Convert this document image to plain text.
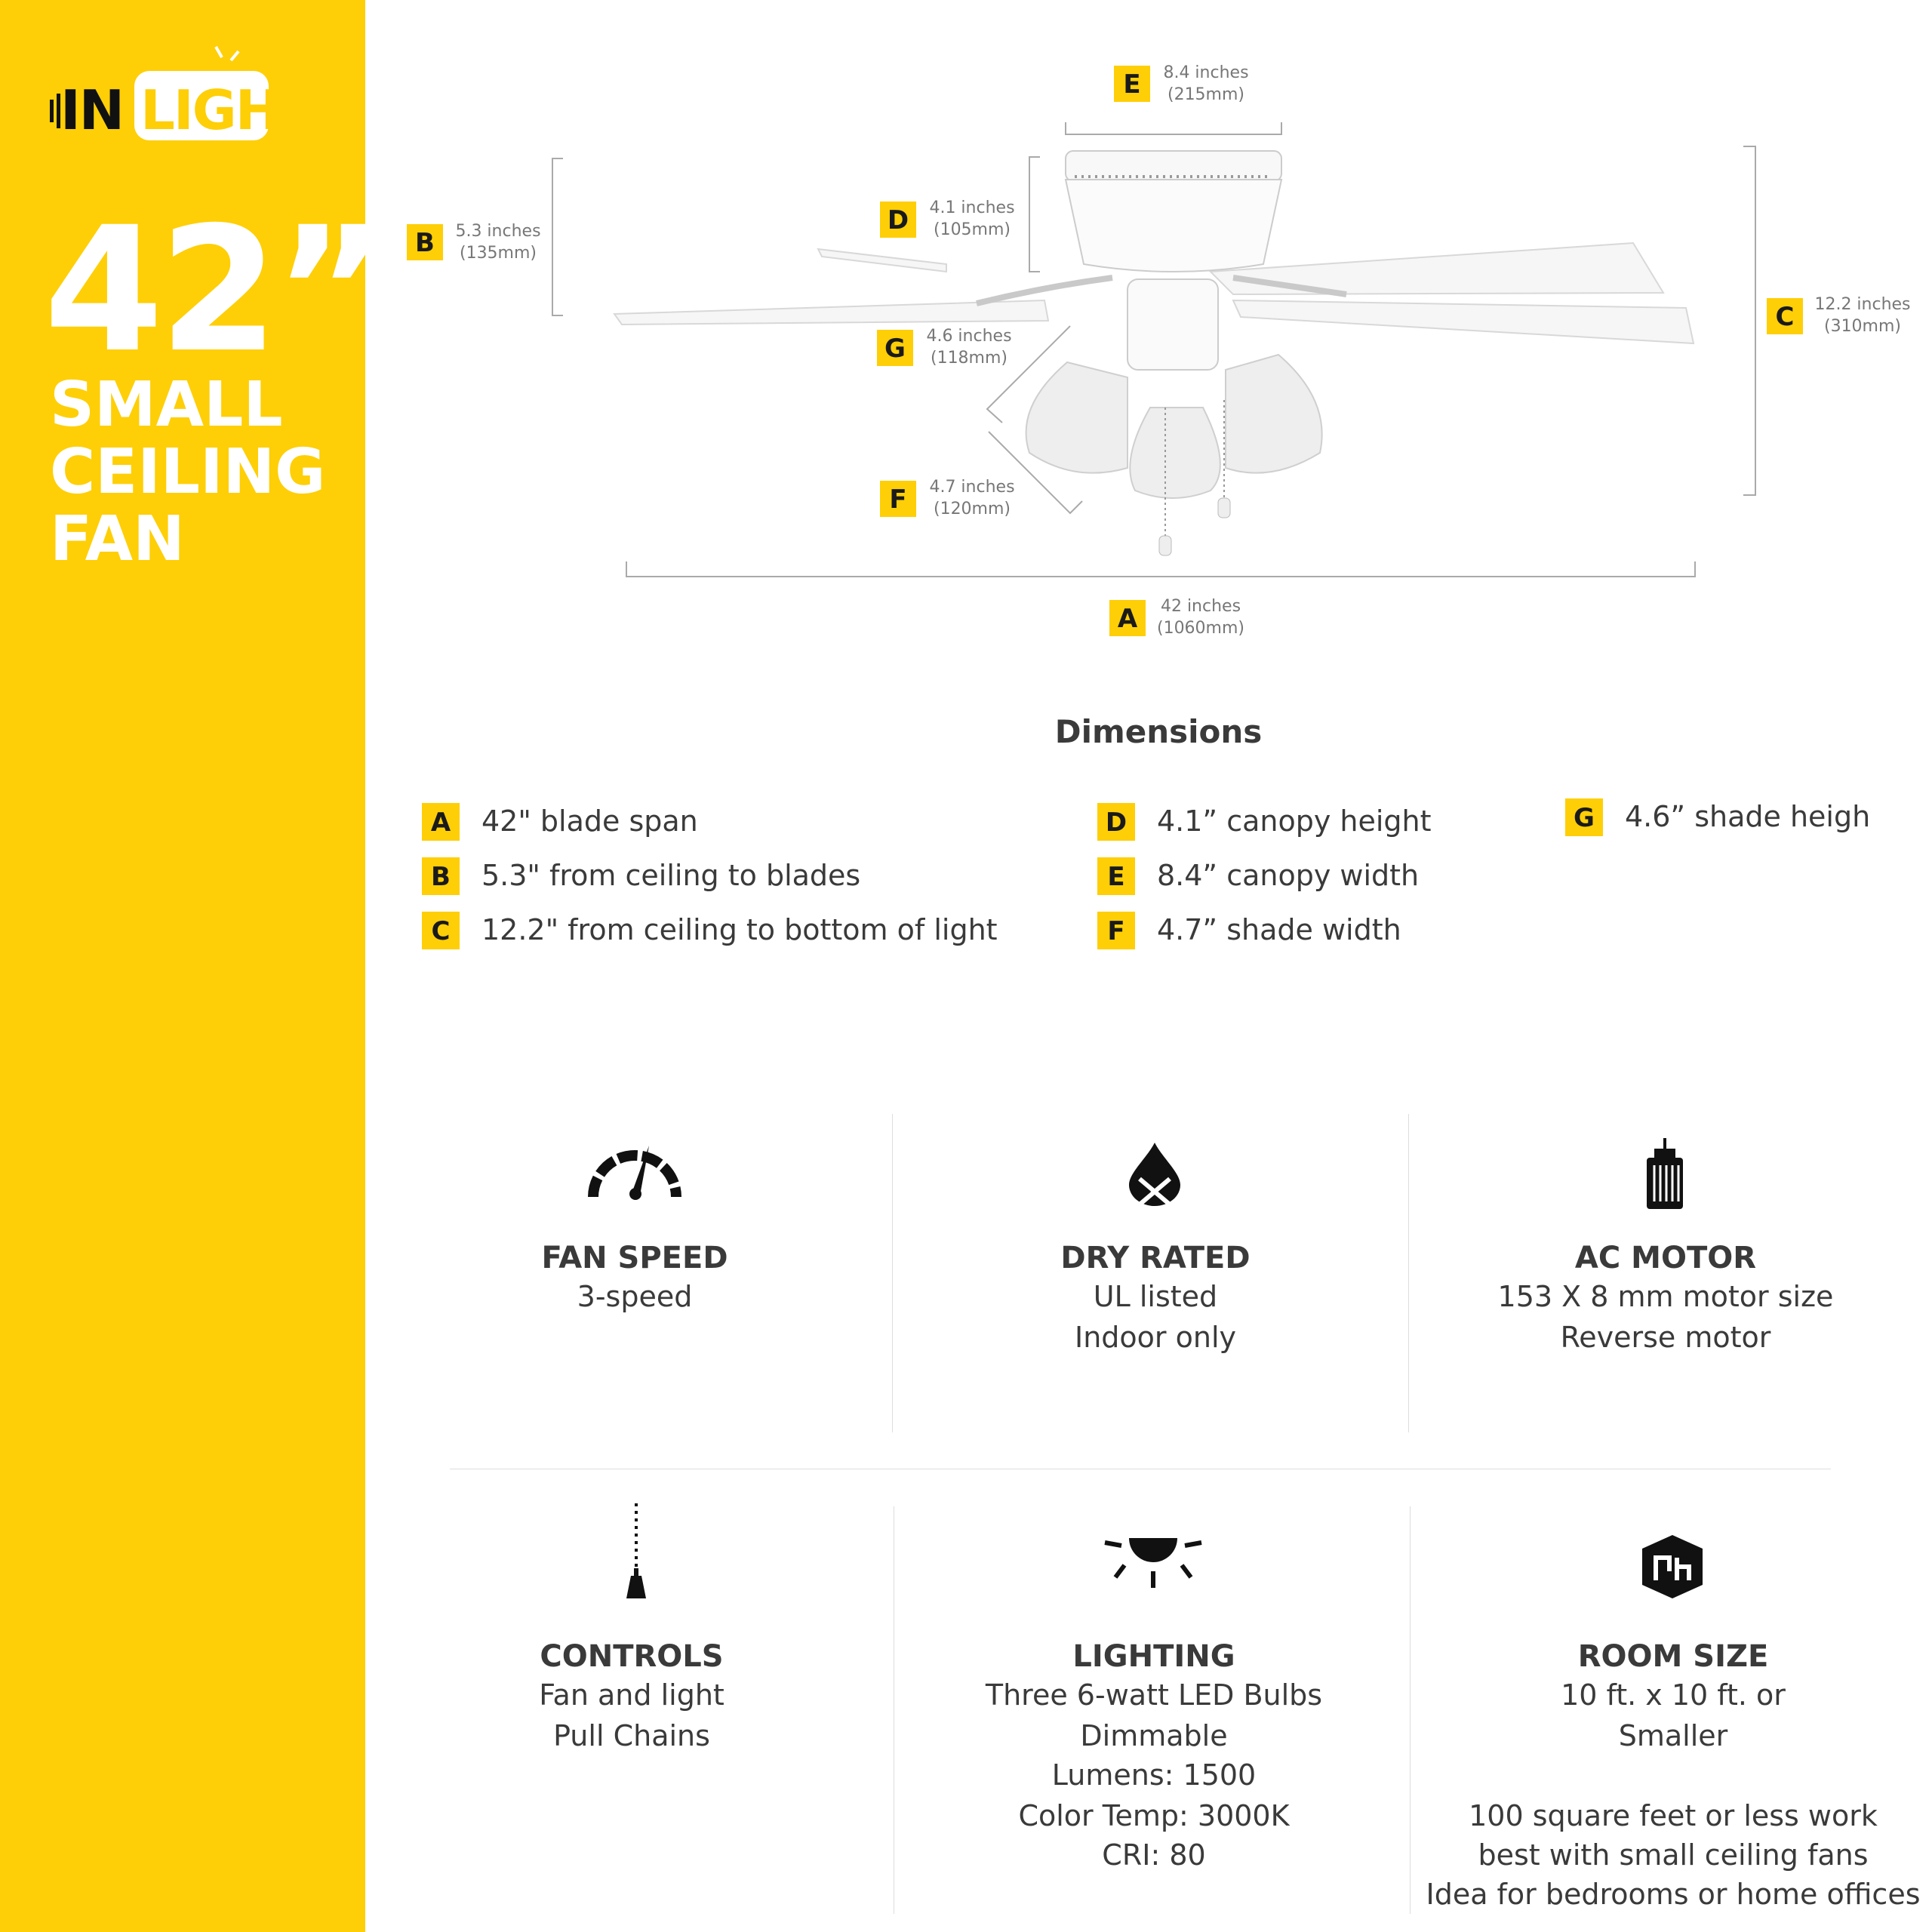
IN LIGHT
42”
SMALL
CEILING
FAN
E	8.4 inches
(215mm)
D	4.1 inches
(105mm)
B	5.3 inches
(135mm)
G	4.6 inches
(118mm)
F	4.7 inches
(120mm)
C	12.2 inches
(310mm)
A	42 inches
(1060mm)
Dimensions
A	42" blade span
B	5.3" from ceiling to blades
C	12.2" from ceiling to bottom of light
D 4.1” canopy height
E	8.4” canopy width
F	4.7” shade width
G 4.6” shade heigh
FAN SPEED
3-speed
DRY RATED
UL listed
Indoor only
AC MOTOR
153 X 8 mm motor size
Reverse motor
CONTROLS
Fan and light
Pull Chains
LIGHTING
Three 6-watt LED Bulbs
Dimmable
Lumens: 1500
Color Temp: 3000K
CRI: 80
ROOM SIZE
10 ft. x 10 ft. or
Smaller
100 square feet or less work
best with small ceiling fans
Idea for bedrooms or home offices
